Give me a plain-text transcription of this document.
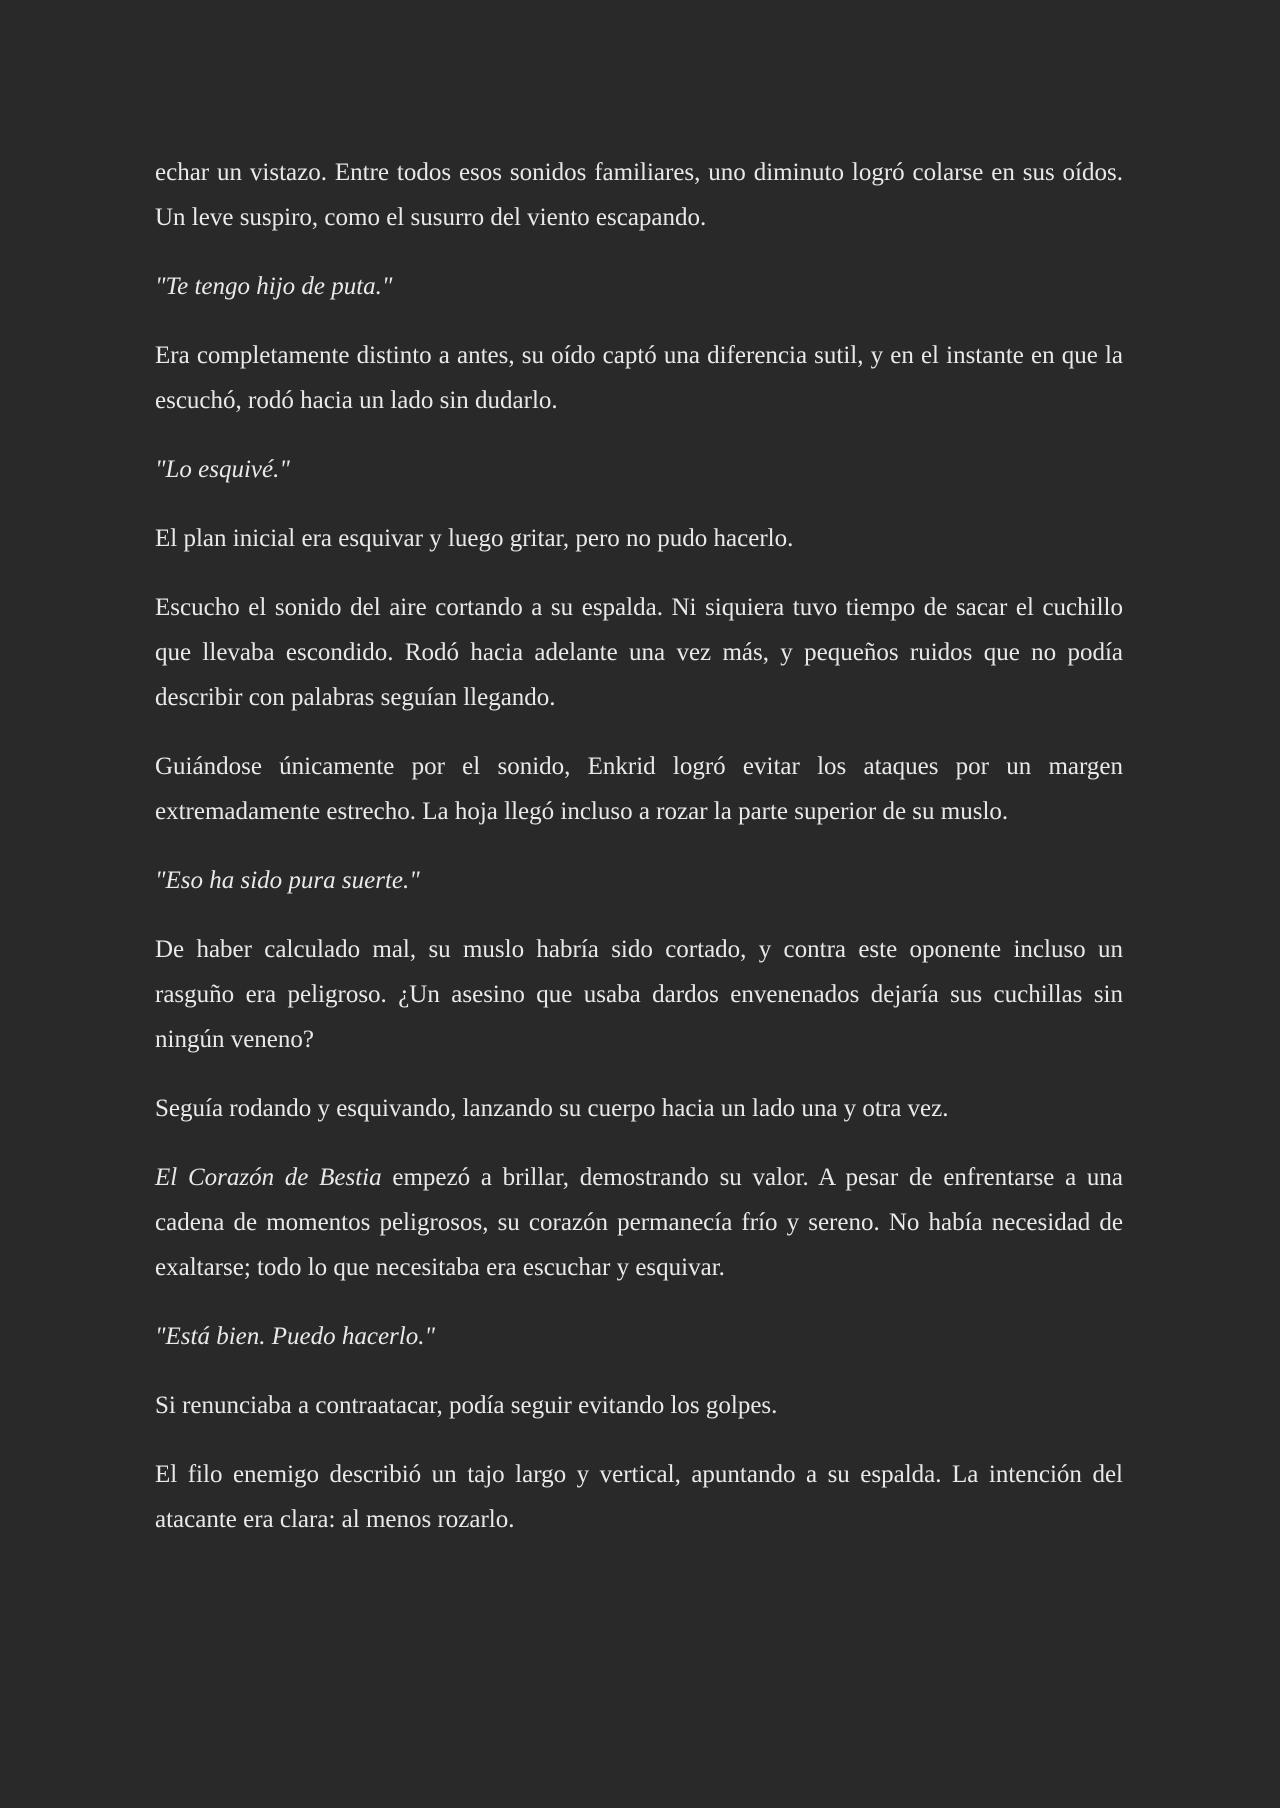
echar un vistazo. Entre todos esos sonidos familiares, uno diminuto logró colarse en sus oídos. Un leve suspiro, como el susurro del viento escapando.

"Te tengo hijo de puta."

Era completamente distinto a antes, su oído captó una diferencia sutil, y en el instante en que la escuchó, rodó hacia un lado sin dudarlo.

"Lo esquivé."

El plan inicial era esquivar y luego gritar, pero no pudo hacerlo.

Escucho el sonido del aire cortando a su espalda. Ni siquiera tuvo tiempo de sacar el cuchillo que llevaba escondido. Rodó hacia adelante una vez más, y pequeños ruidos que no podía describir con palabras seguían llegando.

Guiándose únicamente por el sonido, Enkrid logró evitar los ataques por un margen extremadamente estrecho. La hoja llegó incluso a rozar la parte superior de su muslo.

"Eso ha sido pura suerte."

De haber calculado mal, su muslo habría sido cortado, y contra este oponente incluso un rasguño era peligroso. ¿Un asesino que usaba dardos envenenados dejaría sus cuchillas sin ningún veneno?

Seguía rodando y esquivando, lanzando su cuerpo hacia un lado una y otra vez.

El Corazón de Bestia empezó a brillar, demostrando su valor. A pesar de enfrentarse a una cadena de momentos peligrosos, su corazón permanecía frío y sereno. No había necesidad de exaltarse; todo lo que necesitaba era escuchar y esquivar.

"Está bien. Puedo hacerlo."

Si renunciaba a contraatacar, podía seguir evitando los golpes.

El filo enemigo describió un tajo largo y vertical, apuntando a su espalda. La intención del atacante era clara: al menos rozarlo.
